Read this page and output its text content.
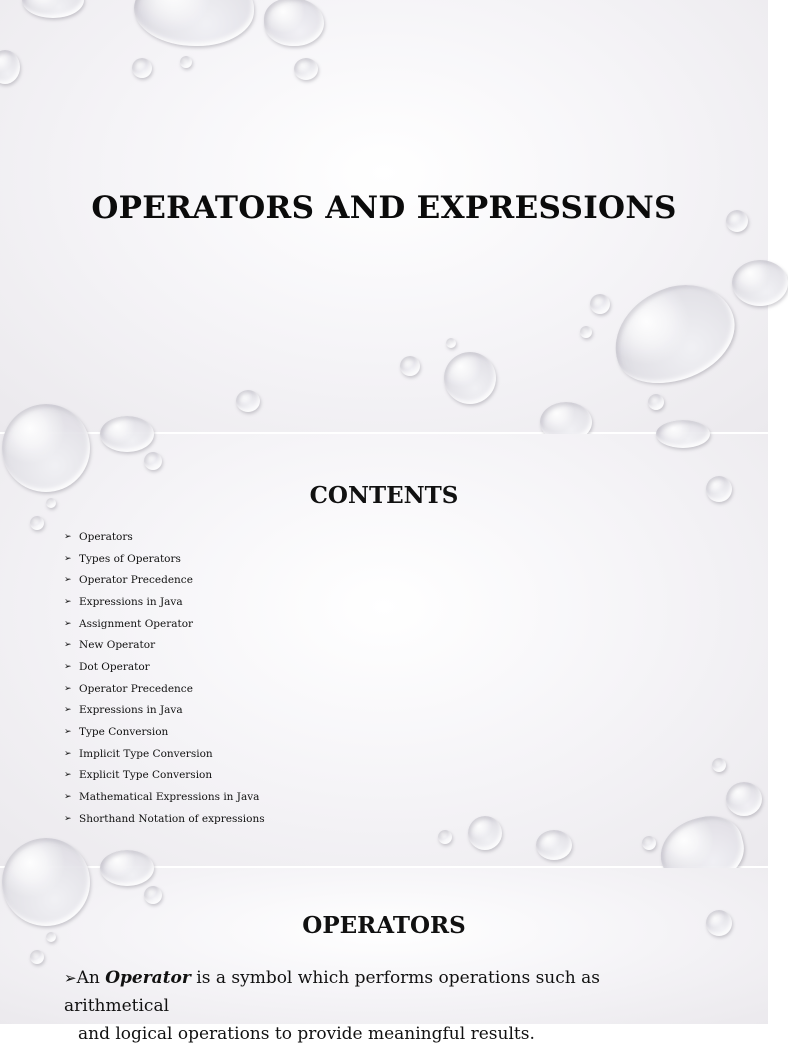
OPERATORS AND EXPRESSIONS
CONTENTS
➢ Operators
➢ Types of Operators
➢ Operator Precedence
➢ Expressions in Java
➢ Assignment Operator
➢ New Operator
➢ Dot Operator
➢ Operator Precedence
➢ Expressions in Java
➢ Type Conversion
➢ Implicit Type Conversion
➢ Explicit Type Conversion
➢ Mathematical Expressions in Java
➢ Shorthand Notation of expressions
OPERATORS

➢An Operator is a symbol which performs operations such as arithmetical
and logical operations to provide meaningful results.
